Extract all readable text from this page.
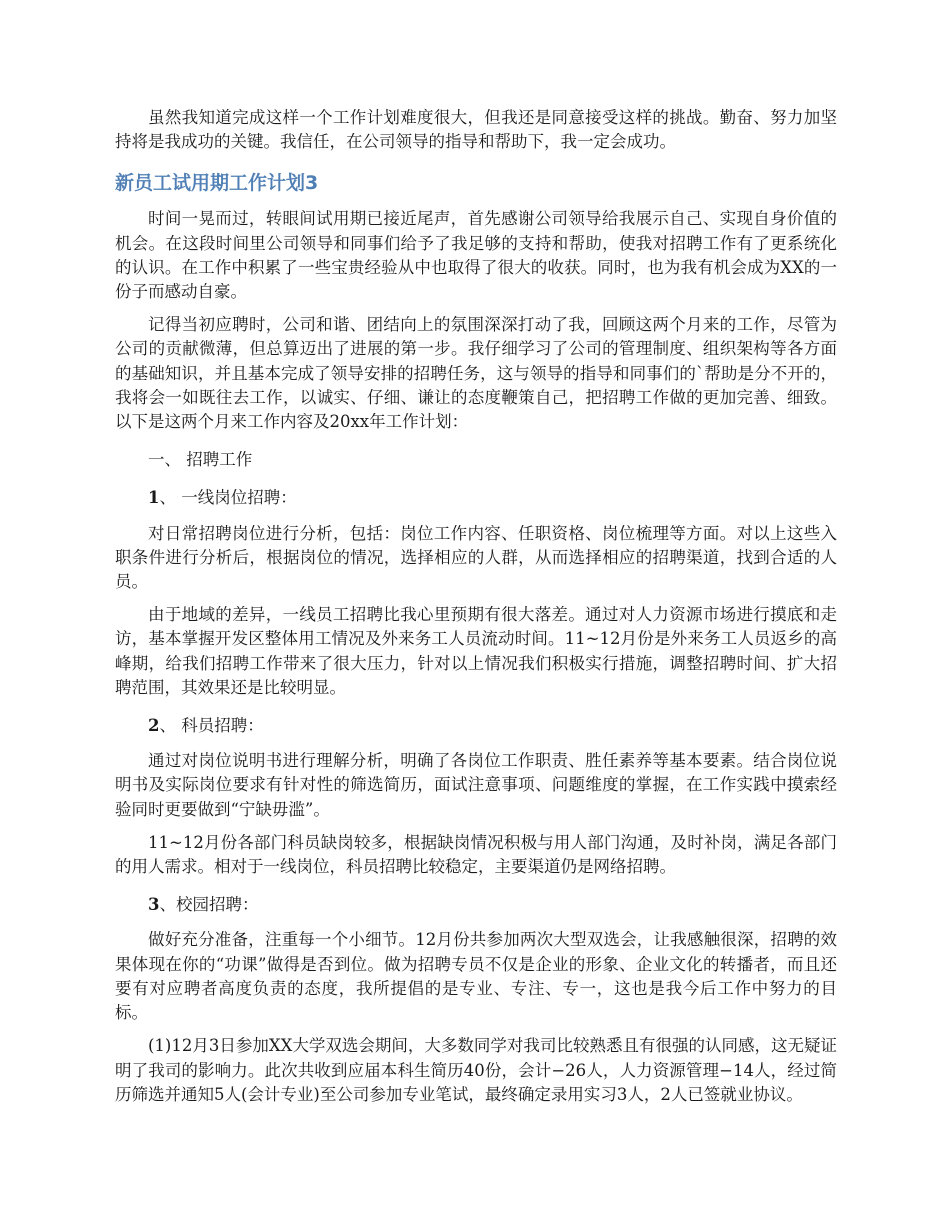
虽然我知道完成这样一个工作计划难度很大，但我还是同意接受这样的挑战。勤奋、努力加坚持将是我成功的关键。我信任，在公司领导的指导和帮助下，我一定会成功。

新员工试用期工作计划3

时间一晃而过，转眼间试用期已接近尾声，首先感谢公司领导给我展示自己、实现自身价值的机会。在这段时间里公司领导和同事们给予了我足够的支持和帮助，使我对招聘工作有了更系统化的认识。在工作中积累了一些宝贵经验从中也取得了很大的收获。同时，也为我有机会成为XX的一份子而感动自豪。

记得当初应聘时，公司和谐、团结向上的氛围深深打动了我，回顾这两个月来的工作，尽管为公司的贡献微薄，但总算迈出了进展的第一步。我仔细学习了公司的管理制度、组织架构等各方面的基础知识，并且基本完成了领导安排的招聘任务，这与领导的指导和同事们的`帮助是分不开的，我将会一如既往去工作，以诚实、仔细、谦让的态度鞭策自己，把招聘工作做的更加完善、细致。以下是这两个月来工作内容及20xx年工作计划：

一、 招聘工作

1、 一线岗位招聘：

对日常招聘岗位进行分析，包括：岗位工作内容、任职资格、岗位梳理等方面。对以上这些入职条件进行分析后，根据岗位的情况，选择相应的人群，从而选择相应的招聘渠道，找到合适的人员。

由于地域的差异，一线员工招聘比我心里预期有很大落差。通过对人力资源市场进行摸底和走访，基本掌握开发区整体用工情况及外来务工人员流动时间。11~12月份是外来务工人员返乡的高峰期，给我们招聘工作带来了很大压力，针对以上情况我们积极实行措施，调整招聘时间、扩大招聘范围，其效果还是比较明显。

2、 科员招聘：

通过对岗位说明书进行理解分析，明确了各岗位工作职责、胜任素养等基本要素。结合岗位说明书及实际岗位要求有针对性的筛选简历，面试注意事项、问题维度的掌握，在工作实践中摸索经验同时更要做到“宁缺毋滥”。

11~12月份各部门科员缺岗较多，根据缺岗情况积极与用人部门沟通，及时补岗，满足各部门的用人需求。相对于一线岗位，科员招聘比较稳定，主要渠道仍是网络招聘。

3、校园招聘：

做好充分准备，注重每一个小细节。12月份共参加两次大型双选会，让我感触很深，招聘的效果体现在你的“功课”做得是否到位。做为招聘专员不仅是企业的形象、企业文化的转播者，而且还要有对应聘者高度负责的态度，我所提倡的是专业、专注、专一，这也是我今后工作中努力的目标。

(1)12月3日参加XX大学双选会期间，大多数同学对我司比较熟悉且有很强的认同感，这无疑证明了我司的影响力。此次共收到应届本科生简历40份，会计−26人，人力资源管理−14人，经过简历筛选并通知5人(会计专业)至公司参加专业笔试，最终确定录用实习3人，2人已签就业协议。
